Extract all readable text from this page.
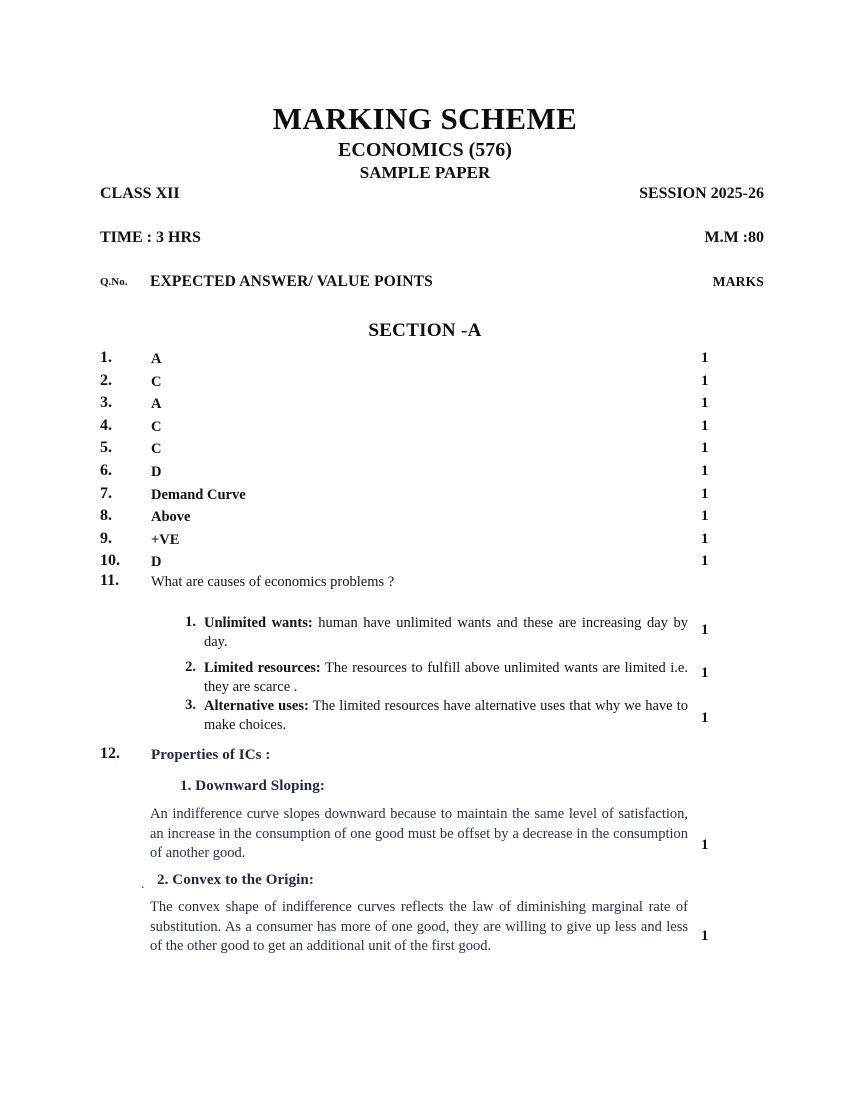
MARKING SCHEME
ECONOMICS (576)
SAMPLE PAPER
CLASS XII	SESSION 2025-26
TIME : 3 HRS	M.M :80
Q.No. EXPECTED ANSWER/ VALUE POINTS	MARKS
SECTION -A
1.	A	1
2.	C	1
3.	A	1
4.	C	1
5.	C	1
6.	D	1
7.	Demand Curve	1
8.	Above	1
9.	+VE	1
10.	D	1
11. What are causes of economics problems ?
1. Unlimited wants: human have unlimited wants and these are increasing day by day.
1
2. Limited resources: The resources to fulfill above unlimited wants are limited i.e. they are scarce .
1
3. Alternative uses: The limited resources have alternative uses that why we have to make choices.	1
12. Properties of ICs :
1. Downward Sloping:
An indifference curve slopes downward because to maintain the same level of satisfaction, an increase in the consumption of one good must be offset by a decrease in the consumption of another good.	1
. 2. Convex to the Origin:
The convex shape of indifference curves reflects the law of diminishing marginal rate of substitution. As a consumer has more of one good, they are willing to give up less and less of the other good to get an additional unit of the first good.
1
